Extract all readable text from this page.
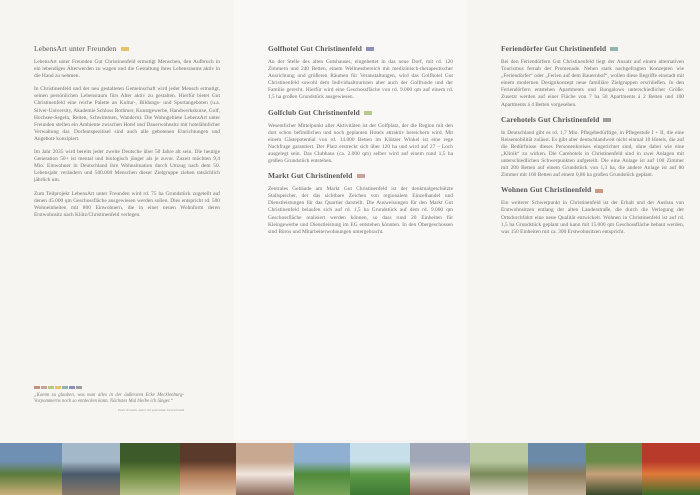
LebensArt unter Freunden

LebensArt unter Freunden Gut Christinenfeld ermutigt Menschen, den Aufbruch in ein lebendiges Älterwerden zu wagen und die Gestaltung ihres Lebensraums aktiv in die Hand zu nehmen.

In Christinenfeld und der neu gestalteten Gemeinschaft wird jeder Mensch ermutigt, seinen persönlichen Lebensraum fürs Alter aktiv zu gestalten. Hierfür bietet Gut Christinenfeld eine reiche Palette an Kultur-, Bildungs- und Sportangeboten (u.a. Silver-University, Akademie Schloss Bothmer, Kunstgewerbe, Handwerkskurse, Golf, Hochsee-Segeln, Reiten, Schwimmen, Wandern). Die Wohngebiete LebensArt unter Freunden stellen ein Ambiente zwischen Hotel und Dauerwohnsitz mit hotelähnlicher Verwaltung dar. Dorfentspezitisel sind auch alle gebotenen Einrichtungen und Angebote konzipiert.

Im Jahr 2035 wird bereits jeder zweite Deutsche über 50 Jahre alt sein. Die heutige Generation 50+ ist mental und biologisch jünger als je zuvor. Zuzeit möchten 9,4 Mio. Einwohner in Deutschland ihre Wohnsituation durch Umzug nach dem 50. Lebensjahr verändern und 500.000 Menschen dieser Zielgruppe ziehen tatsächlich jährlich um.

Zum Teilprojekt LebensArt unter Freunden wird rd. 75 ha Grundstück zugeteilt auf denen 45.000 qm Geschossfläche ausgewiesen werden sollen. Dies entspricht rd. 500 Wohneinheiten mit 800 Einwohnern, die in einer neuen Wohnform deren Erstwohnsitz nach Klütz/Christinenfeld verlegen.

„Komm zu glauben, was man alles in der äußersten Ecke Mecklenburg-Vorpommerns noch so entdecken kann. Nächstes Mal bleibe ich länger.“

Peter Kruzick, Autor bei potenziale Deutschland

Golfhotel Gut Christinenfeld

An der Stelle des alten Gutshauses, eingebettet in das neue Dorf, mit rd. 120 Zimmern und 240 Betten, einem Wellnessbereich mit medizinisch-therapeutischer Ausrichtung und größeren Räumen für Veranstaltungen, wird das Golfhotel Gut Christinenfeld sowohl dem Individualtouristen aber auch der Golfrunde und der Familie gerecht. Hierfür wird eine Geschossfläche von rd. 9.000 qm auf einem rd. 1,5 ha großen Grundstück ausgewiesen.

Golfclub Gut Christinenfeld

Wesentlicher Mittelpunkt aller Aktivitäten ist der Golfplatz, der die Region mit den dort schon befindlichen und noch geplanten Hotels attraktiv bereichern wird. Mit einem Gästepotential von rd. 14.000 Betten im Klützer Winkel ist eine rege Nachfrage garantiert. Der Platz erstreckt sich über 120 ha und wird auf 27 – Loch ausgelegt sein. Das Clubhaus (ca. 2.000 qm) selber wird auf einem rund 1,5 ha großen Grundstück entstehen.

Markt Gut Christinenfeld

Zentrales Gebäude am Markt Gut Christinenfeld ist der denkmalgeschützte Stallspeicher, der das sichtbare Zeichen von regionalem Einzelhandel und Dienstleistungen für das Quartier darstellt. Die Ausweisungen für den Markt Gut Christinenfeld belaufen sich auf rd. 1,5 ha Grundstück auf dem rd. 9.000 qm Geschossfläche realisiert werden können, so dass rund 20 Einheiten für Kleingewerbe und Dienstleistung im EG entstehen könnten. In den Obergeschossen sind Büros und Mitarbeiterwohnungen untergebracht.

Feriendörfer Gut Christinenfeld

Bei den Feriendörfern Gut Christinenfeld liegt der Ansatz auf einem alternativen Tourismus fernab der Promenade. Neben stark nachgefragten Konzepten wie „Feriendörfer“ oder „Ferien auf dem Bauernhof“, wollen diese Begriffe einstadt mit einem modernen Designkonzept neue familiäre Zielgruppen erschließen. In den Feriendörfern entstehen Apartments und Bungalows unterschiedlicher Größe. Zusetzt werden auf einer Fläche von 7 ha 50 Apartments á 2 Betten und 100 Apartments á 4 Betten vorgesehen.

Carehotels Gut Christinenfeld

In Deutschland gibt es rd. 1,7 Mio. Pflegebedürftige, in Pflegestufe I + II, die eine Reisemobilität zulässt. Es gibt aber deutschlandweit nicht einmal 10 Hotels, die auf die Bedürfnisse dieses Personenkreises eingerichtet sind, ohne dabei wie eine „Klinik“ zu wirken. Die Carehotels in Christinenfeld sind in zwei Anlagen mit unterschiedlichen Schwerpunkten aufgeteilt. Die eine Anlage ist auf 100 Zimmer mit 200 Betten auf einem Grundstück von 1,3 ha, die andere Anlage ist auf 80 Zimmer mit 160 Betten auf einem 0,86 ha großen Grundstück geplant.

Wohnen Gut Christinenfeld

Ein weiterer Schwerpunkt in Christinenfeld ist der Erhalt und der Ausbau von Erstwohnsitzen entlang der alten Landesstraße, die durch die Verlegung der Ortsdurchfahrt eine neue Qualität entwickelt. Wohnen in Christinenfeld ist auf rd. 1,5 ha Grundstück geplant und kann mit 15.000 qm Geschossfläche bebaut werden, was 150 Einheiten mit ca. 300 Erstwohnsitzen entspricht.
